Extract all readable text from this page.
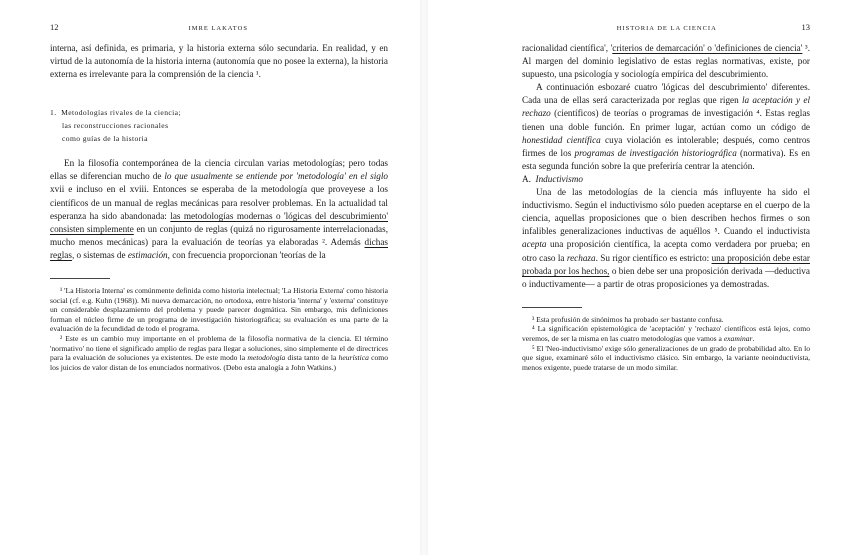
12	IMRE LAKATOS

interna, así definida, es primaria, y la historia externa sólo secundaria. En realidad, y en virtud de la autonomía de la historia interna (autonomía que no posee la externa), la historia externa es irrelevante para la comprensión de la ciencia ¹.

1. Metodologías rivales de la ciencia;
las reconstrucciones racionales
como guías de la historia

En la filosofía contemporánea de la ciencia circulan varias metodologías; pero todas ellas se diferencian mucho de lo que usualmente se entiende por 'metodología' en el siglo xvii e incluso en el xviii. Entonces se esperaba de la metodología que proveyese a los científicos de un manual de reglas mecánicas para resolver problemas. En la actualidad tal esperanza ha sido abandonada: las metodologías modernas o 'lógicas del descubrimiento' consisten simplemente en un conjunto de reglas (quizá no rigurosamente interrelacionadas, mucho menos mecánicas) para la evaluación de teorías ya elaboradas ². Además dichas reglas, o sistemas de estimación, con frecuencia proporcionan 'teorías de la

¹ 'La Historia Interna' es comúnmente definida como historia intelectual; 'La Historia Externa' como historia social (cf. e.g. Kuhn (1968)). Mi nueva demarcación, no ortodoxa, entre historia 'interna' y 'externa' constituye un considerable desplazamiento del problema y puede parecer dogmática. Sin embargo, mis definiciones forman el núcleo firme de un programa de investigación historiográfica; su evaluación es una parte de la evaluación de la fecundidad de todo el programa.

² Este es un cambio muy importante en el problema de la filosofía normativa de la ciencia. El término 'normativo' no tiene el significado amplio de reglas para llegar a soluciones, sino simplemente el de directrices para la evaluación de soluciones ya existentes. De este modo la metodología dista tanto de la heurística como los juicios de valor distan de los enunciados normativos. (Debo esta analogía a John Watkins.)

HISTORIA DE LA CIENCIA	13

racionalidad científica', 'criterios de demarcación' o 'definiciones de ciencia' ³. Al margen del dominio legislativo de estas reglas normativas, existe, por supuesto, una psicología y sociología empírica del descubrimiento.

A continuación esbozaré cuatro 'lógicas del descubrimiento' diferentes. Cada una de ellas será caracterizada por reglas que rigen la aceptación y el rechazo (científicos) de teorías o programas de investigación ⁴. Estas reglas tienen una doble función. En primer lugar, actúan como un código de honestidad científica cuya violación es intolerable; después, como centros firmes de los programas de investigación historiográfica (normativa). Es en esta segunda función sobre la que preferiría centrar la atención.

A. Inductivismo

Una de las metodologías de la ciencia más influyente ha sido el inductivismo. Según el inductivismo sólo pueden aceptarse en el cuerpo de la ciencia, aquellas proposiciones que o bien describen hechos firmes o son infalibles generalizaciones inductivas de aquéllos ⁵. Cuando el inductivista acepta una proposición científica, la acepta como verdadera por prueba; en otro caso la rechaza. Su rigor científico es estricto: una proposición debe estar probada por los hechos, o bien debe ser una proposición derivada —deductiva o inductivamente— a partir de otras proposiciones ya demostradas.

³ Esta profusión de sinónimos ha probado ser bastante confusa.

⁴ La significación epistemológica de 'aceptación' y 'rechazo' científicos está lejos, como veremos, de ser la misma en las cuatro metodologías que vamos a examinar.

⁵ El 'Neo-inductivismo' exige sólo generalizaciones de un grado de probabilidad alto. En lo que sigue, examinaré sólo el inductivismo clásico. Sin embargo, la variante neoinductivista, menos exigente, puede tratarse de un modo similar.
